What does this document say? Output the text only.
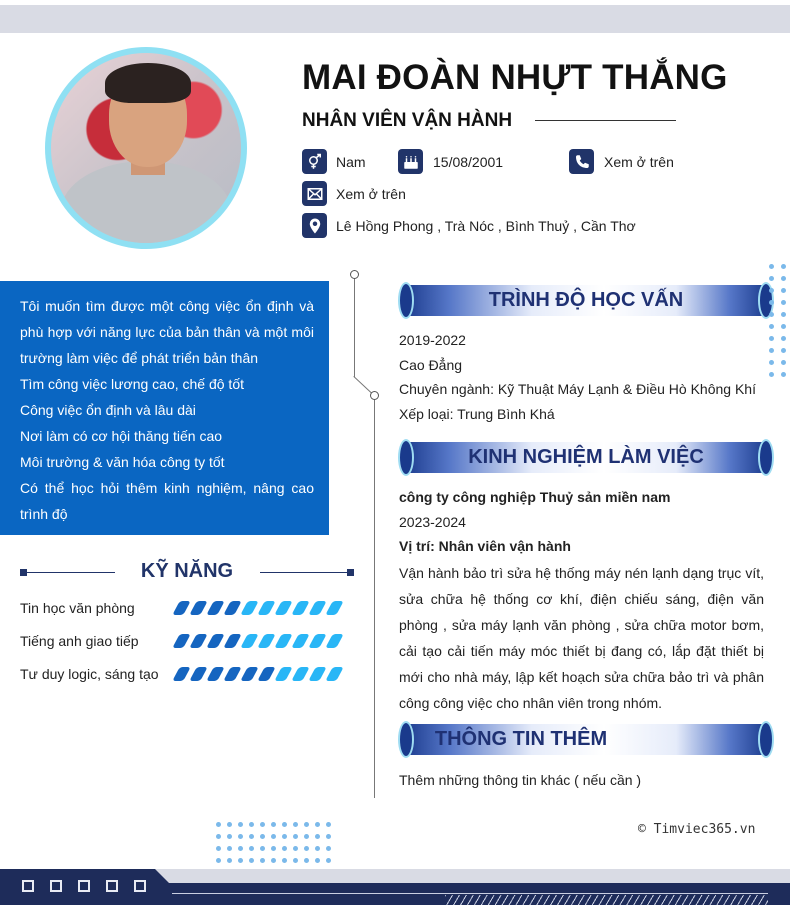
MAI ĐOÀN NHỰT THẮNG
NHÂN VIÊN VẬN HÀNH
Nam	15/08/2001	Xem ở trên
Xem ở trên
Lê Hồng Phong , Trà Nóc , Bình Thuỷ , Cần Thơ

Tôi muốn tìm được một công việc ổn định và phù hợp với năng lực của bản thân và một môi trường làm việc để phát triển bản thân

Tìm công việc lương cao, chế độ tốt

Công việc ổn định và lâu dài

Nơi làm có cơ hội thăng tiến cao

Môi trường & văn hóa công ty tốt

Có thể học hỏi thêm kinh nghiệm, nâng cao trình độ

KỸ NĂNG
Tin học văn phòng
Tiếng anh giao tiếp
Tư duy logic, sáng tạo
TRÌNH ĐỘ HỌC VẤN
2019-2022
Cao Đẳng
Chuyên ngành: Kỹ Thuật Máy Lạnh & Điều Hò Không Khí
Xếp loại: Trung Bình Khá
KINH NGHIỆM LÀM VIỆC
công ty công nghiệp Thuỷ sản miền nam
2023-2024
Vị trí: Nhân viên vận hành
Vận hành bảo trì sửa hệ thống máy nén lạnh dạng trục vít, sửa chữa hệ thống cơ khí, điện chiếu sáng, điện văn phòng , sửa máy lạnh văn phòng , sửa chữa motor bơm, cải tạo cải tiến máy móc thiết bị đang có, lắp đặt thiết bị mới cho nhà máy, lập kết hoạch sửa chữa bảo trì và phân công công việc cho nhân viên trong nhóm.
THÔNG TIN THÊM
Thêm những thông tin khác ( nếu cần )
© Timviec365.vn
